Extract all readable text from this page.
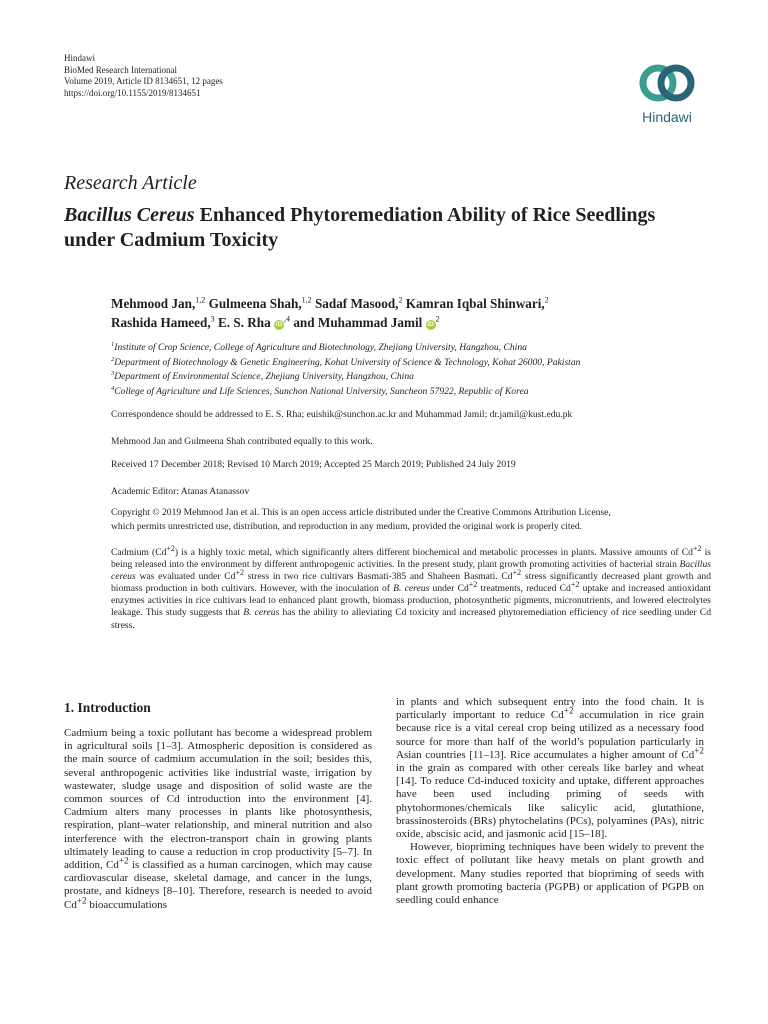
Hindawi
BioMed Research International
Volume 2019, Article ID 8134651, 12 pages
https://doi.org/10.1155/2019/8134651
Hindawi
Research Article
Bacillus Cereus Enhanced Phytoremediation Ability of Rice Seedlings under Cadmium Toxicity
Mehmood Jan,$^{1,2}$ Gulmeena Shah,$^{1,2}$ Sadaf Masood,$^2$ Kamran Iqbal Shinwari,$^2$
Rashida Hameed,$^3$ E. S. Rha $iD^{,4}$ and Muhammad Jamil $iD^2$
$^1$Institute of Crop Science, College of Agriculture and Biotechnology, Zhejiang University, Hangzhou, China
$^2$Department of Biotechnology & Genetic Engineering, Kohat University of Science & Technology, Kohat 26000, Pakistan
$^3$Department of Environmental Science, Zhejiang University, Hangzhou, China
$^4$College of Agriculture and Life Sciences, Sunchon National University, Suncheon 57922, Republic of Korea
Correspondence should be addressed to E. S. Rha; euishik@sunchon.ac.kr and Muhammad Jamil; dr.jamil@kust.edu.pk
Mehmood Jan and Gulmeena Shah contributed equally to this work.
Received 17 December 2018; Revised 10 March 2019; Accepted 25 March 2019; Published 24 July 2019
Academic Editor: Atanas Atanassov
Copyright © 2019 Mehmood Jan et al. This is an open access article distributed under the Creative Commons Attribution License,
which permits unrestricted use, distribution, and reproduction in any medium, provided the original work is properly cited.
Cadmium $(Cd^{+2})$ is a highly toxic metal, which significantly alters different biochemical and metabolic processes in plants. Massive amounts of $Cd^{+2}$ is being released into the environment by different anthropogenic activities. In the present study, plant growth promoting activities of bacterial strain Bacillus cereus was evaluated under $Cd^{+2}$ stress in two rice cultivars Basmati-385 and Shaheen Basmati. $Cd^{+2}$ stress significantly decreased plant growth and biomass production in both cultivars. However, with the inoculation of B. cereus under $Cd^{+2}$ treatments, reduced $Cd^{+2}$ uptake and increased antioxidant enzymes activities in rice cultivars lead to enhanced plant growth, biomass production, photosynthetic pigments, micronutrients, and lowered electrolytes leakage. This study suggests that B. cereus has the ability to alleviating Cd toxicity and increased phytoremediation efficiency of rice seedling under Cd stress.
1. Introduction

Cadmium being a toxic pollutant has become a widespread problem in agricultural soils [1–3]. Atmospheric deposition is considered as the main source of cadmium accumulation in the soil; besides this, several anthropogenic activities like industrial waste, irrigation by wastewater, sludge usage and disposition of solid waste are the common sources of Cd introduction into the environment [4]. Cadmium alters many processes in plants like photosynthesis, respiration, plant–water relationship, and mineral nutrition and also interference with the electron-transport chain in growing plants ultimately leading to cause a reduction in crop productivity [5–7]. In addition, $Cd^{+2}$ is classified as a human carcinogen, which may cause cardiovascular disease, skeletal damage, and cancer in the lungs, prostate, and kidneys [8–10]. Therefore, research is needed to avoid $Cd^{+2}$ bioaccumulations

in plants and which subsequent entry into the food chain. It is particularly important to reduce $Cd^{+2}$ accumulation in rice grain because rice is a vital cereal crop being utilized as a necessary food source for more than half of the world’s population particularly in Asian countries [11–13]. Rice accumulates a higher amount of $Cd^{+2}$ in the grain as compared with other cereals like barley and wheat [14]. To reduce Cd-induced toxicity and uptake, different approaches have been used including priming of seeds with phytohormones/chemicals like salicylic acid, glutathione, brassinosteroids (BRs) phytochelatins (PCs), polyamines (PAs), nitric oxide, abscisic acid, and jasmonic acid [15–18].

However, biopriming techniques have been widely to prevent the toxic effect of pollutant like heavy metals on plant growth and development. Many studies reported that biopriming of seeds with plant growth promoting bacteria (PGPB) or application of PGPB on seedling could enhance
